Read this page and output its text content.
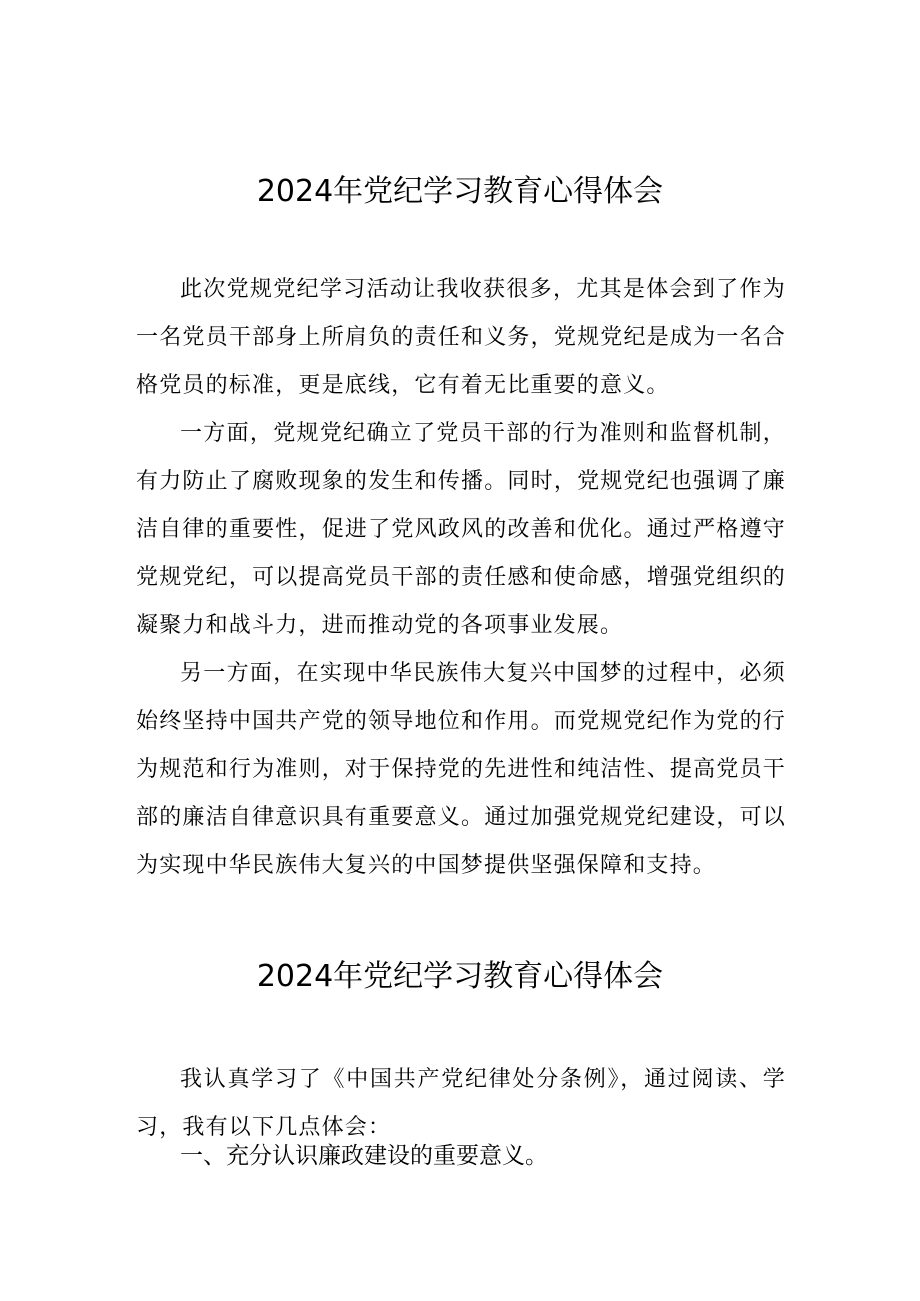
2024年党纪学习教育心得体会

此次党规党纪学习活动让我收获很多，尤其是体会到了作为一名党员干部身上所肩负的责任和义务，党规党纪是成为一名合格党员的标准，更是底线，它有着无比重要的意义。

一方面，党规党纪确立了党员干部的行为准则和监督机制，有力防止了腐败现象的发生和传播。同时，党规党纪也强调了廉洁自律的重要性，促进了党风政风的改善和优化。通过严格遵守党规党纪，可以提高党员干部的责任感和使命感，增强党组织的凝聚力和战斗力，进而推动党的各项事业发展。

另一方面，在实现中华民族伟大复兴中国梦的过程中，必须始终坚持中国共产党的领导地位和作用。而党规党纪作为党的行为规范和行为准则，对于保持党的先进性和纯洁性、提高党员干部的廉洁自律意识具有重要意义。通过加强党规党纪建设，可以为实现中华民族伟大复兴的中国梦提供坚强保障和支持。

2024年党纪学习教育心得体会

我认真学习了《中国共产党纪律处分条例》，通过阅读、学习，我有以下几点体会：

一、充分认识廉政建设的重要意义。
